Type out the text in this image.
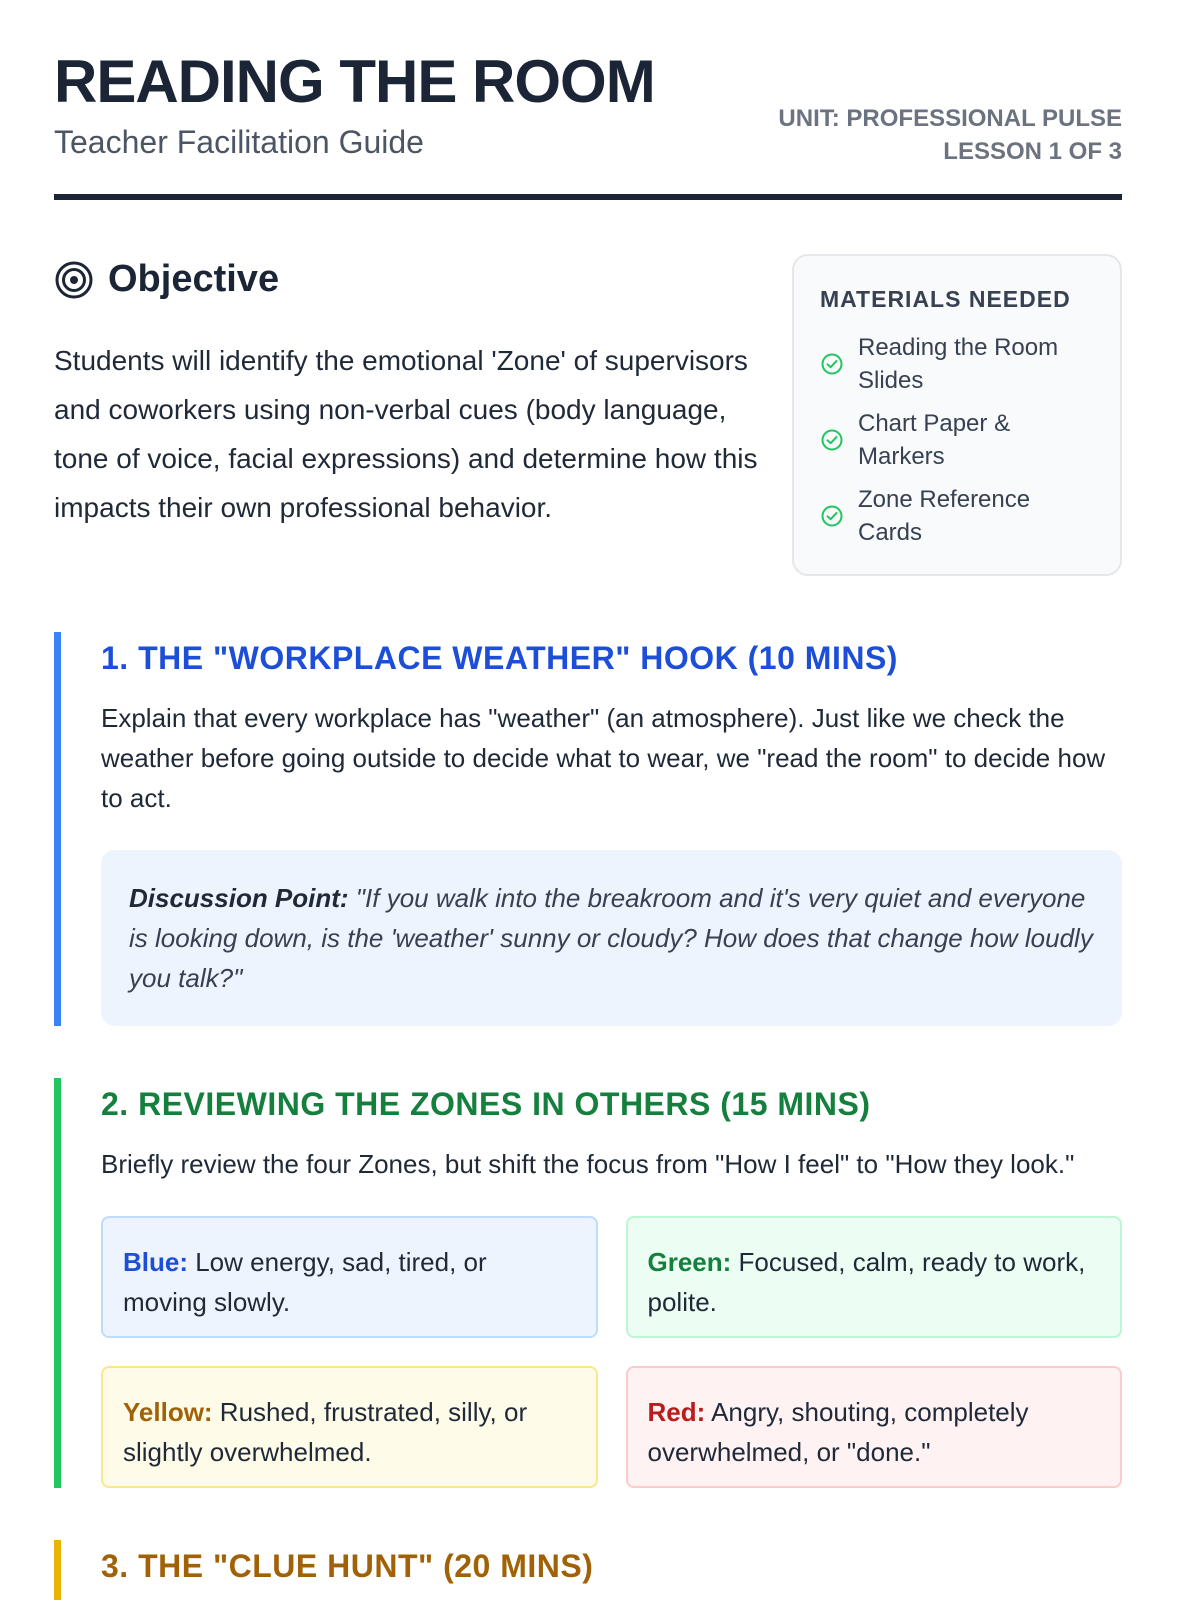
READING THE ROOM
Teacher Facilitation Guide
UNIT: PROFESSIONAL PULSE
LESSON 1 OF 3
Objective
Students will identify the emotional 'Zone' of supervisors and coworkers using non-verbal cues (body language, tone of voice, facial expressions) and determine how this impacts their own professional behavior.
MATERIALS NEEDED
Reading the Room Slides
Chart Paper & Markers
Zone Reference Cards
1. THE "WORKPLACE WEATHER" HOOK (10 MINS)
Explain that every workplace has "weather" (an atmosphere). Just like we check the weather before going outside to decide what to wear, we "read the room" to decide how to act.
Discussion Point: "If you walk into the breakroom and it's very quiet and everyone is looking down, is the 'weather' sunny or cloudy? How does that change how loudly you talk?"
2. REVIEWING THE ZONES IN OTHERS (15 MINS)
Briefly review the four Zones, but shift the focus from "How I feel" to "How they look."
Blue: Low energy, sad, tired, or moving slowly.
Green: Focused, calm, ready to work, polite.
Yellow: Rushed, frustrated, silly, or slightly overwhelmed.
Red: Angry, shouting, completely overwhelmed, or "done."
3. THE "CLUE HUNT" (20 MINS)
